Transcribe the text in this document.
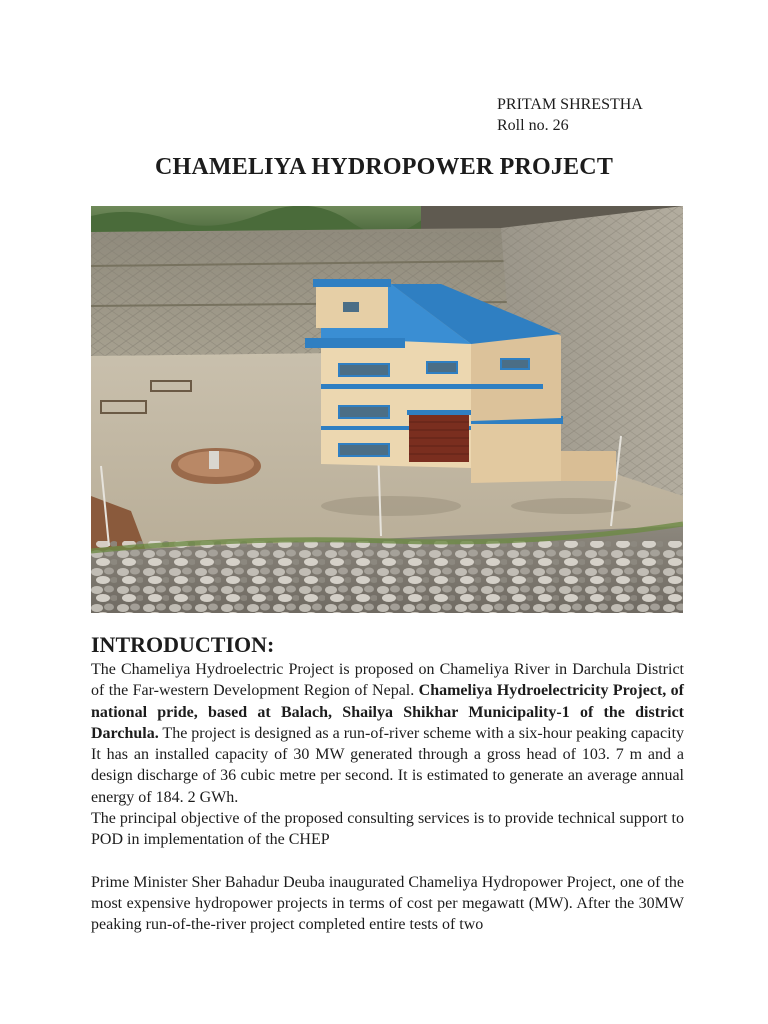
PRITAM SHRESTHA
Roll no. 26
CHAMELIYA HYDROPOWER PROJECT
INTRODUCTION:

The Chameliya Hydroelectric Project is proposed on Chameliya River in Darchula District of the Far-western Development Region of Nepal. Chameliya Hydroelectricity Project, of national pride, based at Balach, Shailya Shikhar Municipality-1 of the district Darchula. The project is designed as a run-of-river scheme with a six-hour peaking capacity It has an installed capacity of 30 MW generated through a gross head of 103. 7 m and a design discharge of 36 cubic metre per second. It is estimated to generate an average annual energy of 184. 2 GWh.

The principal objective of the proposed consulting services is to provide technical support to POD in implementation of the CHEP

Prime Minister Sher Bahadur Deuba inaugurated Chameliya Hydropower Project, one of the most expensive hydropower projects in terms of cost per megawatt (MW). After the 30MW peaking run-of-the-river project completed entire tests of two
